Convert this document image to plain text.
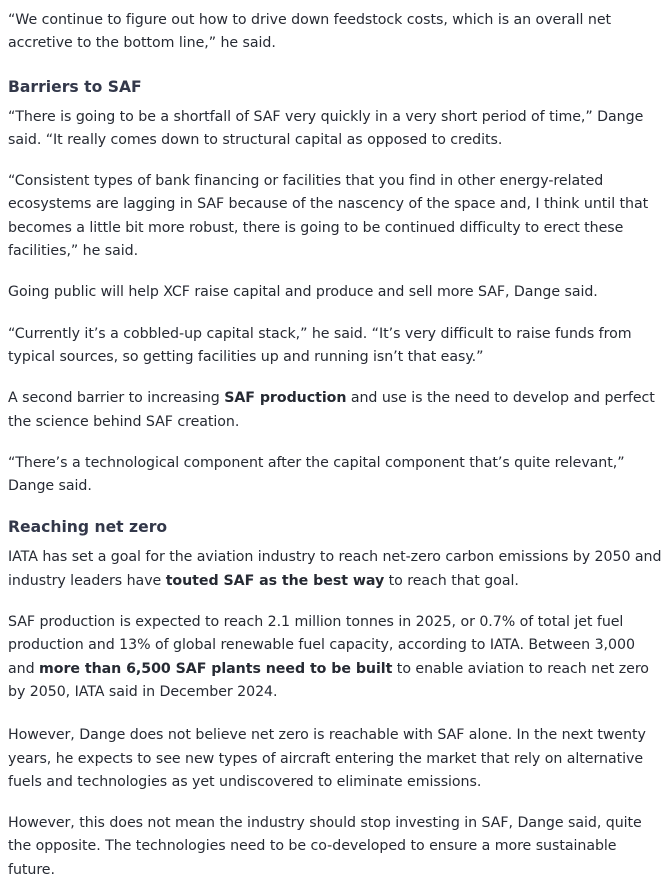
“We continue to figure out how to drive down feedstock costs, which is an overall net accretive to the bottom line,” he said.

Barriers to SAF

“There is going to be a shortfall of SAF very quickly in a very short period of time,” Dange said. “It really comes down to structural capital as opposed to credits.

“Consistent types of bank financing or facilities that you find in other energy-related ecosystems are lagging in SAF because of the nascency of the space and, I think until that becomes a little bit more robust, there is going to be continued difficulty to erect these facilities,” he said.

Going public will help XCF raise capital and produce and sell more SAF, Dange said.

“Currently it’s a cobbled-up capital stack,” he said. “It’s very difficult to raise funds from typical sources, so getting facilities up and running isn’t that easy.”

A second barrier to increasing SAF production and use is the need to develop and perfect the science behind SAF creation.

“There’s a technological component after the capital component that’s quite relevant,” Dange said.

Reaching net zero

IATA has set a goal for the aviation industry to reach net-zero carbon emissions by 2050 and industry leaders have touted SAF as the best way to reach that goal.

SAF production is expected to reach 2.1 million tonnes in 2025, or 0.7% of total jet fuel production and 13% of global renewable fuel capacity, according to IATA. Between 3,000 and more than 6,500 SAF plants need to be built to enable aviation to reach net zero by 2050, IATA said in December 2024.

However, Dange does not believe net zero is reachable with SAF alone. In the next twenty years, he expects to see new types of aircraft entering the market that rely on alternative fuels and technologies as yet undiscovered to eliminate emissions.

However, this does not mean the industry should stop investing in SAF, Dange said, quite the opposite. The technologies need to be co-developed to ensure a more sustainable future.
